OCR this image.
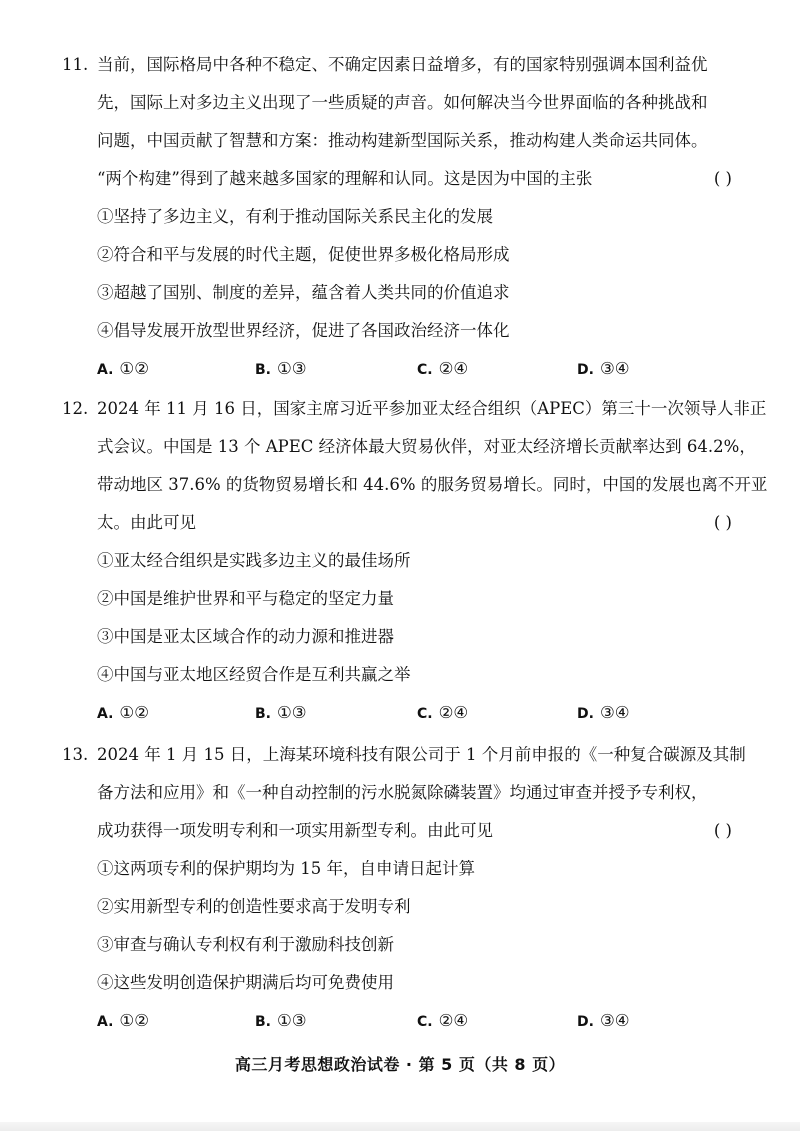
11. 当前，国际格局中各种不稳定、不确定因素日益增多，有的国家特别强调本国利益优
先，国际上对多边主义出现了一些质疑的声音。如何解决当今世界面临的各种挑战和
问题，中国贡献了智慧和方案：推动构建新型国际关系，推动构建人类命运共同体。
“两个构建”得到了越来越多国家的理解和认同。这是因为中国的主张	( )
①坚持了多边主义，有利于推动国际关系民主化的发展
②符合和平与发展的时代主题，促使世界多极化格局形成
③超越了国别、制度的差异，蕴含着人类共同的价值追求
④倡导发展开放型世界经济，促进了各国政治经济一体化
A. ①②	B. ①③	C. ②④	D. ③④
12. 2024 年 11 月 16 日，国家主席习近平参加亚太经合组织（APEC）第三十一次领导人非正
式会议。中国是 13 个 APEC 经济体最大贸易伙伴，对亚太经济增长贡献率达到 64.2%，
带动地区 37.6% 的货物贸易增长和 44.6% 的服务贸易增长。同时，中国的发展也离不开亚
太。由此可见	( )
①亚太经合组织是实践多边主义的最佳场所
②中国是维护世界和平与稳定的坚定力量
③中国是亚太区域合作的动力源和推进器
④中国与亚太地区经贸合作是互利共赢之举
A. ①②	B. ①③	C. ②④	D. ③④
13. 2024 年 1 月 15 日，上海某环境科技有限公司于 1 个月前申报的《一种复合碳源及其制
备方法和应用》和《一种自动控制的污水脱氮除磷装置》均通过审查并授予专利权，
成功获得一项发明专利和一项实用新型专利。由此可见	( )
①这两项专利的保护期均为 15 年，自申请日起计算
②实用新型专利的创造性要求高于发明专利
③审查与确认专利权有利于激励科技创新
④这些发明创造保护期满后均可免费使用
A. ①②	B. ①③	C. ②④	D. ③④
高三月考思想政治试卷 · 第 5 页（共 8 页）
